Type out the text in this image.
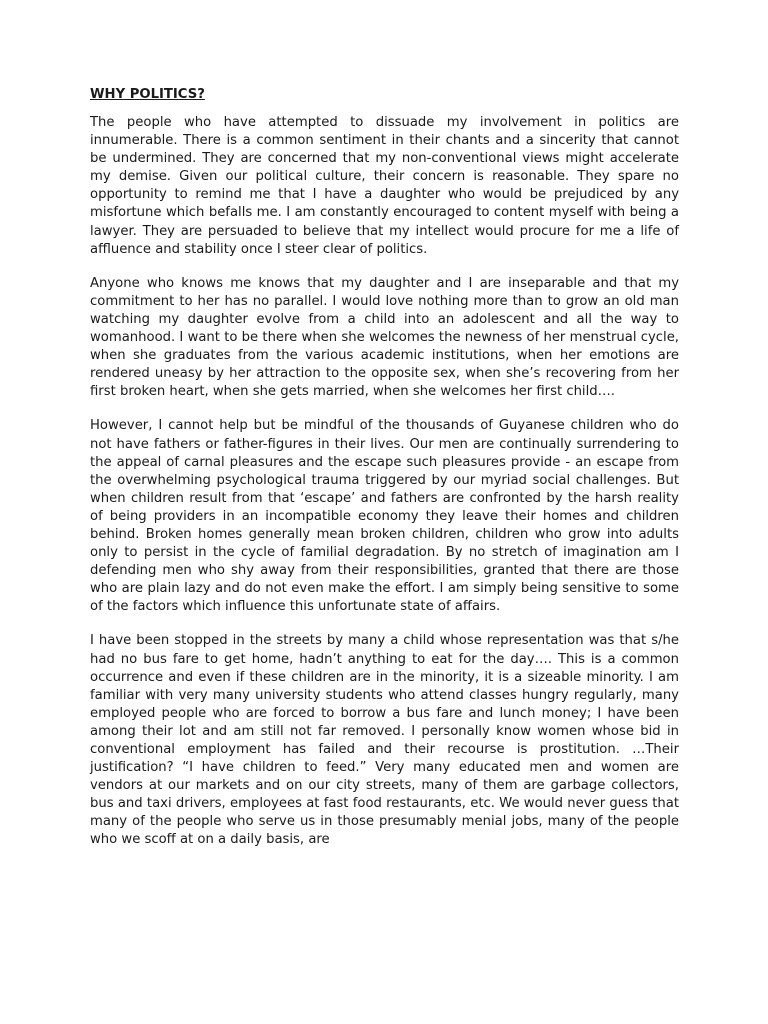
WHY POLITICS?

The people who have attempted to dissuade my involvement in politics are innumerable. There is a common sentiment in their chants and a sincerity that cannot be undermined. They are concerned that my non-conventional views might accelerate my demise. Given our political culture, their concern is reasonable. They spare no opportunity to remind me that I have a daughter who would be prejudiced by any misfortune which befalls me. I am constantly encouraged to content myself with being a lawyer. They are persuaded to believe that my intellect would procure for me a life of affluence and stability once I steer clear of politics.

Anyone who knows me knows that my daughter and I are inseparable and that my commitment to her has no parallel. I would love nothing more than to grow an old man watching my daughter evolve from a child into an adolescent and all the way to womanhood. I want to be there when she welcomes the newness of her menstrual cycle, when she graduates from the various academic institutions, when her emotions are rendered uneasy by her attraction to the opposite sex, when she’s recovering from her first broken heart, when she gets married, when she welcomes her first child….

However, I cannot help but be mindful of the thousands of Guyanese children who do not have fathers or father-figures in their lives. Our men are continually surrendering to the appeal of carnal pleasures and the escape such pleasures provide - an escape from the overwhelming psychological trauma triggered by our myriad social challenges. But when children result from that ‘escape’ and fathers are confronted by the harsh reality of being providers in an incompatible economy they leave their homes and children behind. Broken homes generally mean broken children, children who grow into adults only to persist in the cycle of familial degradation. By no stretch of imagination am I defending men who shy away from their responsibilities, granted that there are those who are plain lazy and do not even make the effort. I am simply being sensitive to some of the factors which influence this unfortunate state of affairs.

I have been stopped in the streets by many a child whose representation was that s/he had no bus fare to get home, hadn’t anything to eat for the day…. This is a common occurrence and even if these children are in the minority, it is a sizeable minority. I am familiar with very many university students who attend classes hungry regularly, many employed people who are forced to borrow a bus fare and lunch money; I have been among their lot and am still not far removed. I personally know women whose bid in conventional employment has failed and their recourse is prostitution. …Their justification? “I have children to feed.” Very many educated men and women are vendors at our markets and on our city streets, many of them are garbage collectors, bus and taxi drivers, employees at fast food restaurants, etc. We would never guess that many of the people who serve us in those presumably menial jobs, many of the people who we scoff at on a daily basis, are
